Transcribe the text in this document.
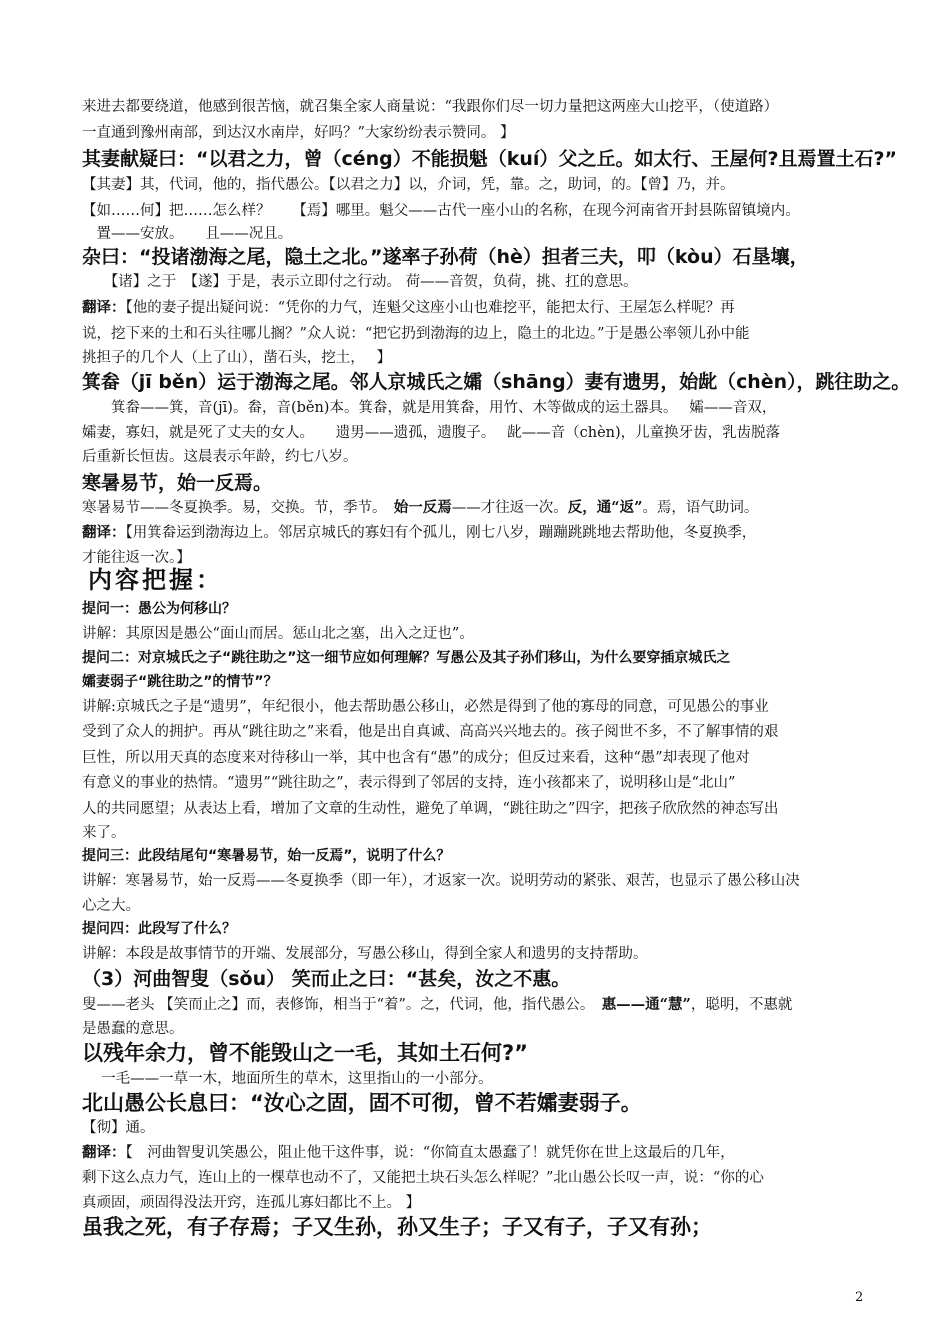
来进去都要绕道，他感到很苦恼，就召集全家人商量说：“我跟你们尽一切力量把这两座大山挖平，（使道路）
一直通到豫州南部，到达汉水南岸，好吗？”大家纷纷表示赞同。 】
其妻献疑曰：“以君之力，曾（céng）不能损魁（kuí）父之丘。如太行、王屋何?且焉置土石?”
【其妻】其，代词，他的，指代愚公。【以君之力】以，介词，凭，靠。之，助词，的。【曾】乃，并。
【如……何】把……怎么样？　　【焉】哪里。魁父——古代一座小山的名称，在现今河南省开封县陈留镇境内。
　置——安放。　　且——况且。
杂曰：“投诸渤海之尾，隐土之北。”遂率子孙荷（hè）担者三夫，叩（kòu）石垦壤，
　　【诸】之于　【遂】于是，表示立即付之行动。 荷——音贺，负荷，挑、扛的意思。
翻译：【他的妻子提出疑问说：“凭你的力气，连魁父这座小山也难挖平，能把太行、王屋怎么样呢？再
说，挖下来的土和石头往哪儿搁？”众人说：“把它扔到渤海的边上，隐土的北边。”于是愚公率领儿孙中能
挑担子的几个人（上了山），凿石头，挖土，　 】
箕畚（jī běn）运于渤海之尾。邻人京城氏之孀（shāng）妻有遗男，始龀（chèn），跳往助之。
　　箕畚——箕，音(jī)。畚，音(běn)本。箕畚，就是用箕畚，用竹、木等做成的运土器具。　 孀——音双，
孀妻，寡妇，就是死了丈夫的女人。　　遗男——遗孤，遗腹子。　 龀——音（chèn)，儿童换牙齿，乳齿脱落
后重新长恒齿。这晨表示年龄，约七八岁。
寒暑易节，始一反焉。
寒暑易节——冬夏换季。易，交换。节，季节。　始一反焉——才往返一次。反，通“返”。焉，语气助词。
翻译：【用箕畚运到渤海边上。邻居京城氏的寡妇有个孤儿，刚七八岁，蹦蹦跳跳地去帮助他，冬夏换季，
才能往返一次。】
内容把握：
提问一：愚公为何移山？
讲解：其原因是愚公“面山而居。惩山北之塞，出入之迂也”。
提问二：对京城氏之子“跳往助之”这一细节应如何理解？写愚公及其子孙们移山，为什么要穿插京城氏之
孀妻弱子“跳往助之”的情节”？
讲解:京城氏之子是“遗男”，年纪很小，他去帮助愚公移山，必然是得到了他的寡母的同意，可见愚公的事业
受到了众人的拥护。再从“跳往助之”来看，他是出自真诚、高高兴兴地去的。孩子阅世不多，不了解事情的艰
巨性，所以用天真的态度来对待移山一举，其中也含有“愚”的成分；但反过来看，这种“愚”却表现了他对
有意义的事业的热情。“遗男”“跳往助之”，表示得到了邻居的支持，连小孩都来了，说明移山是“北山”
人的共同愿望；从表达上看，增加了文章的生动性，避免了单调，“跳往助之”四字，把孩子欣欣然的神态写出
来了。
提问三：此段结尾句“寒暑易节，始一反焉”，说明了什么？
讲解：寒暑易节，始一反焉——冬夏换季（即一年），才返家一次。说明劳动的紧张、艰苦，也显示了愚公移山决
心之大。
提问四：此段写了什么？
讲解：本段是故事情节的开端、发展部分，写愚公移山，得到全家人和遗男的支持帮助。
（3）河曲智叟（sǒu） 笑而止之曰：“甚矣，汝之不惠。
叟——老头 【笑而止之】而，表修饰，相当于“着”。之，代词，他，指代愚公。　惠——通“慧”，聪明，不惠就
是愚蠢的意思。
以残年余力，曾不能毁山之一毛，其如土石何?”
　 一毛——一草一木，地面所生的草木，这里指山的一小部分。
北山愚公长息曰：“汝心之固，固不可彻，曾不若孀妻弱子。
【彻】通。
翻译：【　河曲智叟讥笑愚公，阻止他干这件事，说：“你简直太愚蠢了！就凭你在世上这最后的几年，
剩下这么点力气，连山上的一棵草也动不了，又能把土块石头怎么样呢？”北山愚公长叹一声，说：“你的心
真顽固，顽固得没法开窍，连孤儿寡妇都比不上。 】
虽我之死，有子存焉；子又生孙，孙又生子；子又有子，子又有孙；
2
